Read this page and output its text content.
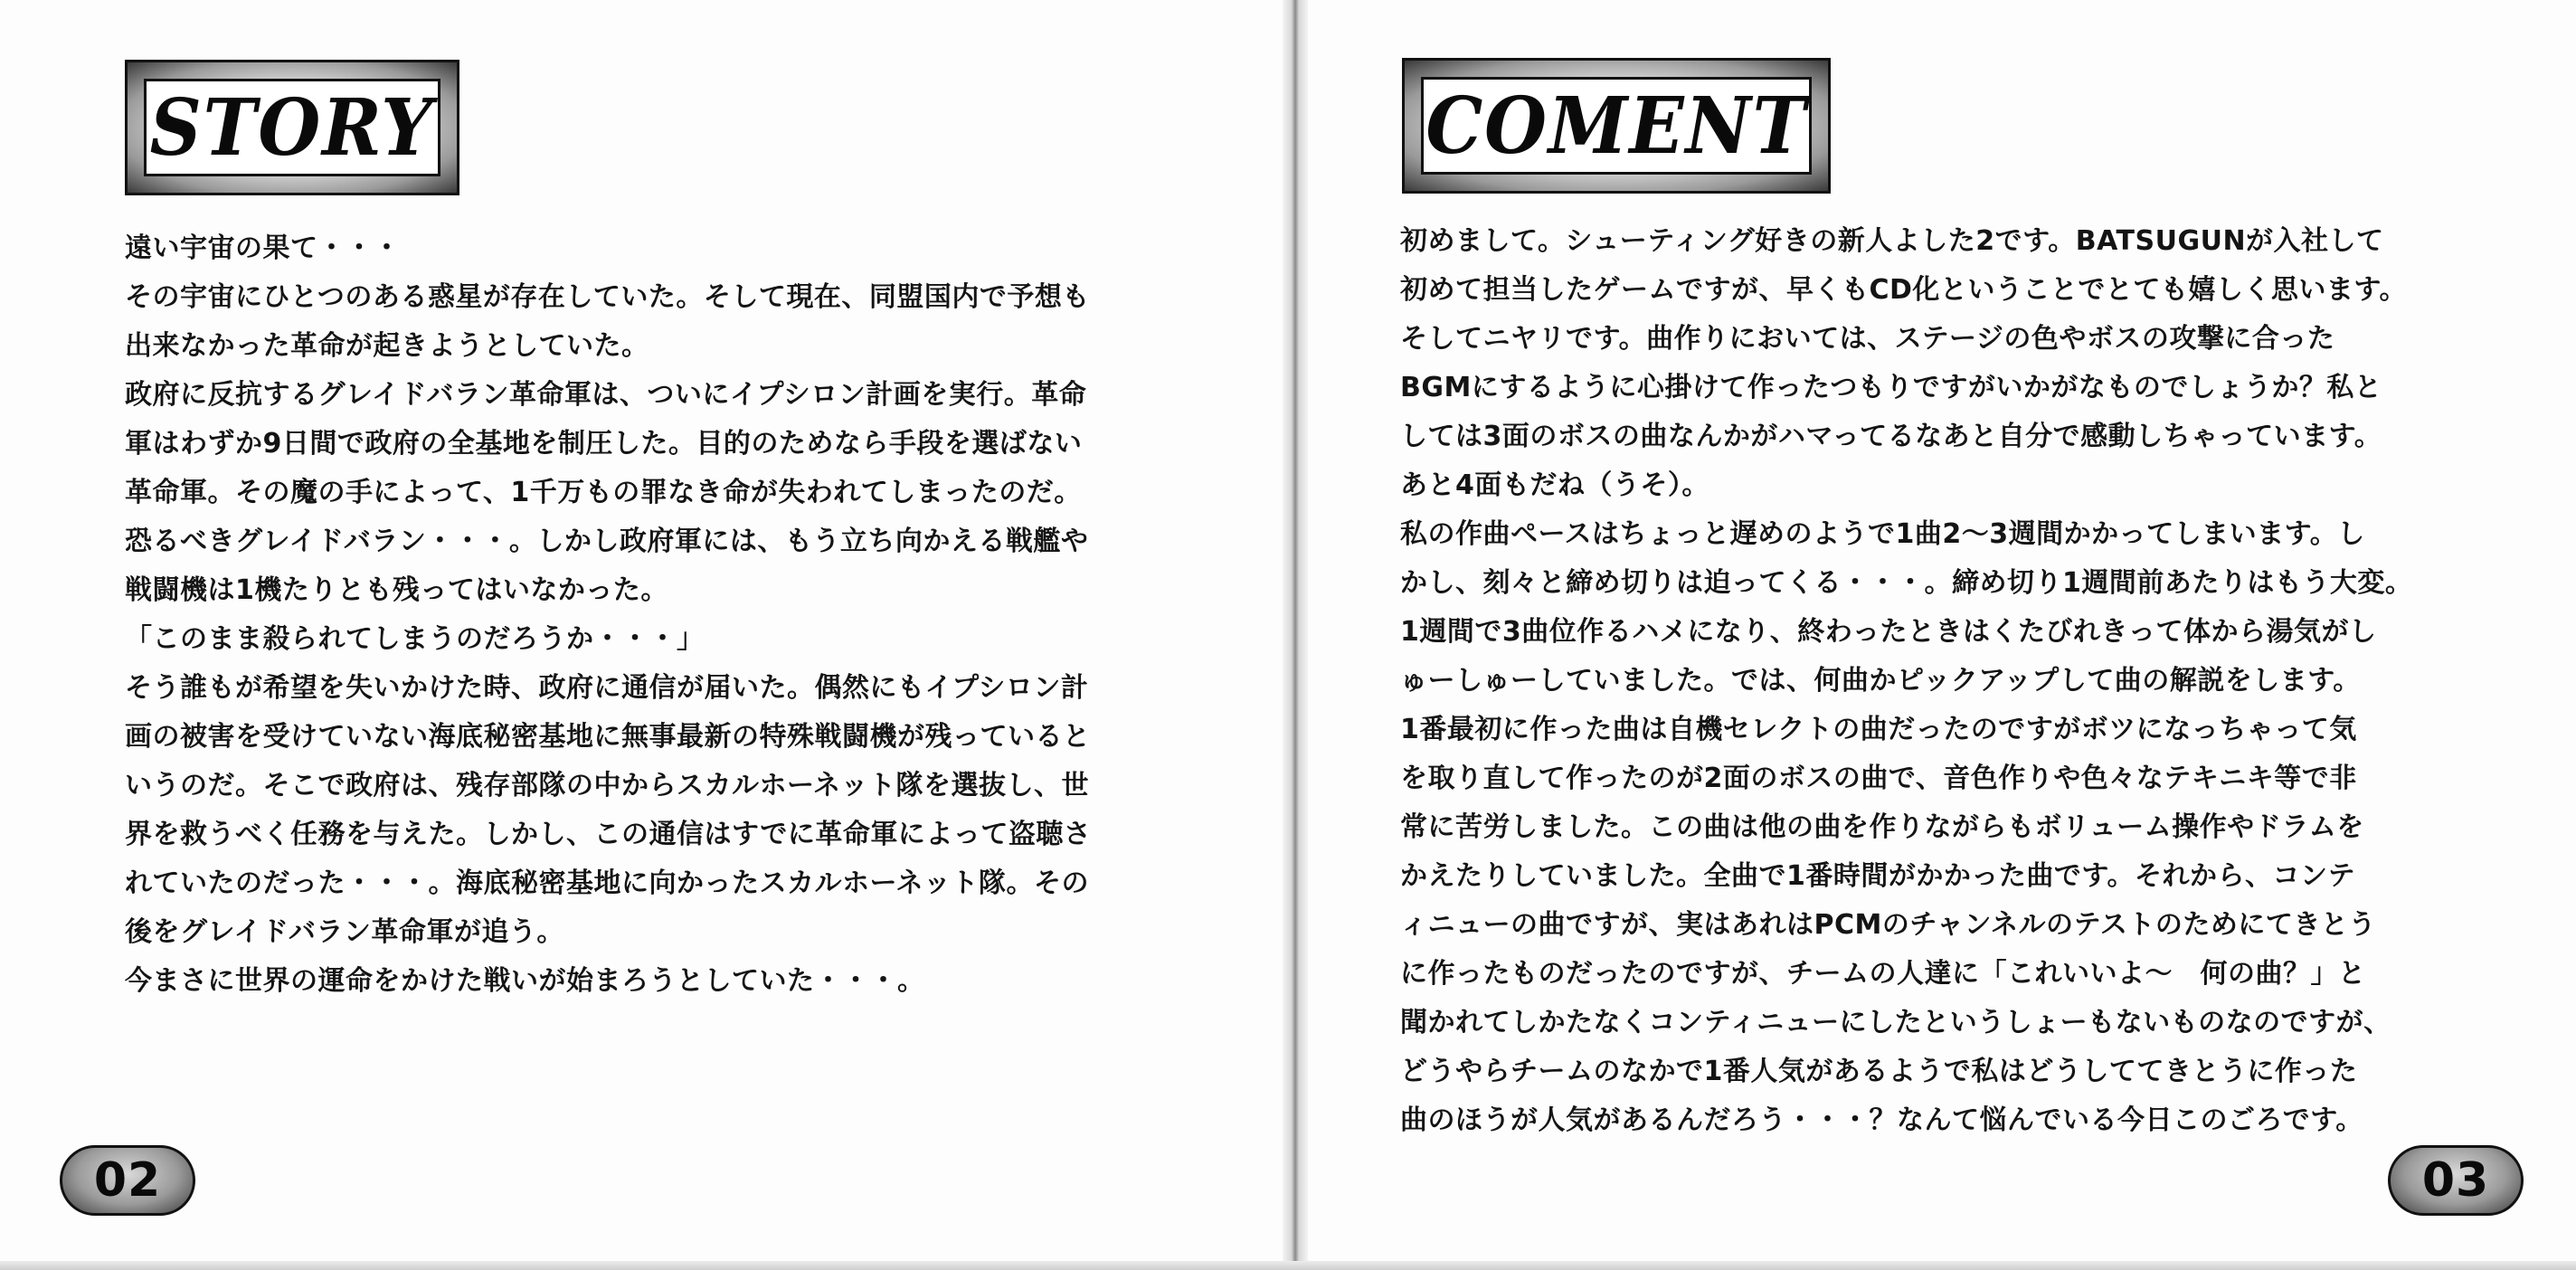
STORY
遠い宇宙の果て・・・
その宇宙にひとつのある惑星が存在していた。そして現在、同盟国内で予想も
出来なかった革命が起きようとしていた。
政府に反抗するグレイドバラン革命軍は、ついにイプシロン計画を実行。革命
軍はわずか9日間で政府の全基地を制圧した。目的のためなら手段を選ばない
革命軍。その魔の手によって、1千万もの罪なき命が失われてしまったのだ。
恐るべきグレイドバラン・・・。しかし政府軍には、もう立ち向かえる戦艦や
戦闘機は1機たりとも残ってはいなかった。
「このまま殺られてしまうのだろうか・・・」
そう誰もが希望を失いかけた時、政府に通信が届いた。偶然にもイプシロン計
画の被害を受けていない海底秘密基地に無事最新の特殊戦闘機が残っていると
いうのだ。そこで政府は、残存部隊の中からスカルホーネット隊を選抜し、世
界を救うべく任務を与えた。しかし、この通信はすでに革命軍によって盗聴さ
れていたのだった・・・。海底秘密基地に向かったスカルホーネット隊。その
後をグレイドバラン革命軍が追う。
今まさに世界の運命をかけた戦いが始まろうとしていた・・・。
02
COMENT
初めまして。シューティング好きの新人よした2です。BATSUGUNが入社して
初めて担当したゲームですが、早くもCD化ということでとても嬉しく思います。
そしてニヤリです。曲作りにおいては、ステージの色やボスの攻撃に合った
BGMにするように心掛けて作ったつもりですがいかがなものでしょうか？私と
しては3面のボスの曲なんかがハマってるなあと自分で感動しちゃっています。
あと4面もだね（うそ）。
私の作曲ペースはちょっと遅めのようで1曲2～3週間かかってしまいます。し
かし、刻々と締め切りは迫ってくる・・・。締め切り1週間前あたりはもう大変。
1週間で3曲位作るハメになり、終わったときはくたびれきって体から湯気がし
ゅーしゅーしていました。では、何曲かピックアップして曲の解説をします。
1番最初に作った曲は自機セレクトの曲だったのですがボツになっちゃって気
を取り直して作ったのが2面のボスの曲で、音色作りや色々なテキニキ等で非
常に苦労しました。この曲は他の曲を作りながらもボリューム操作やドラムを
かえたりしていました。全曲で1番時間がかかった曲です。それから、コンテ
ィニューの曲ですが、実はあれはPCMのチャンネルのテストのためにてきとう
に作ったものだったのですが、チームの人達に「これいいよ～　何の曲？」と
聞かれてしかたなくコンティニューにしたというしょーもないものなのですが、
どうやらチームのなかで1番人気があるようで私はどうしててきとうに作った
曲のほうが人気があるんだろう・・・？なんて悩んでいる今日このごろです。
03
